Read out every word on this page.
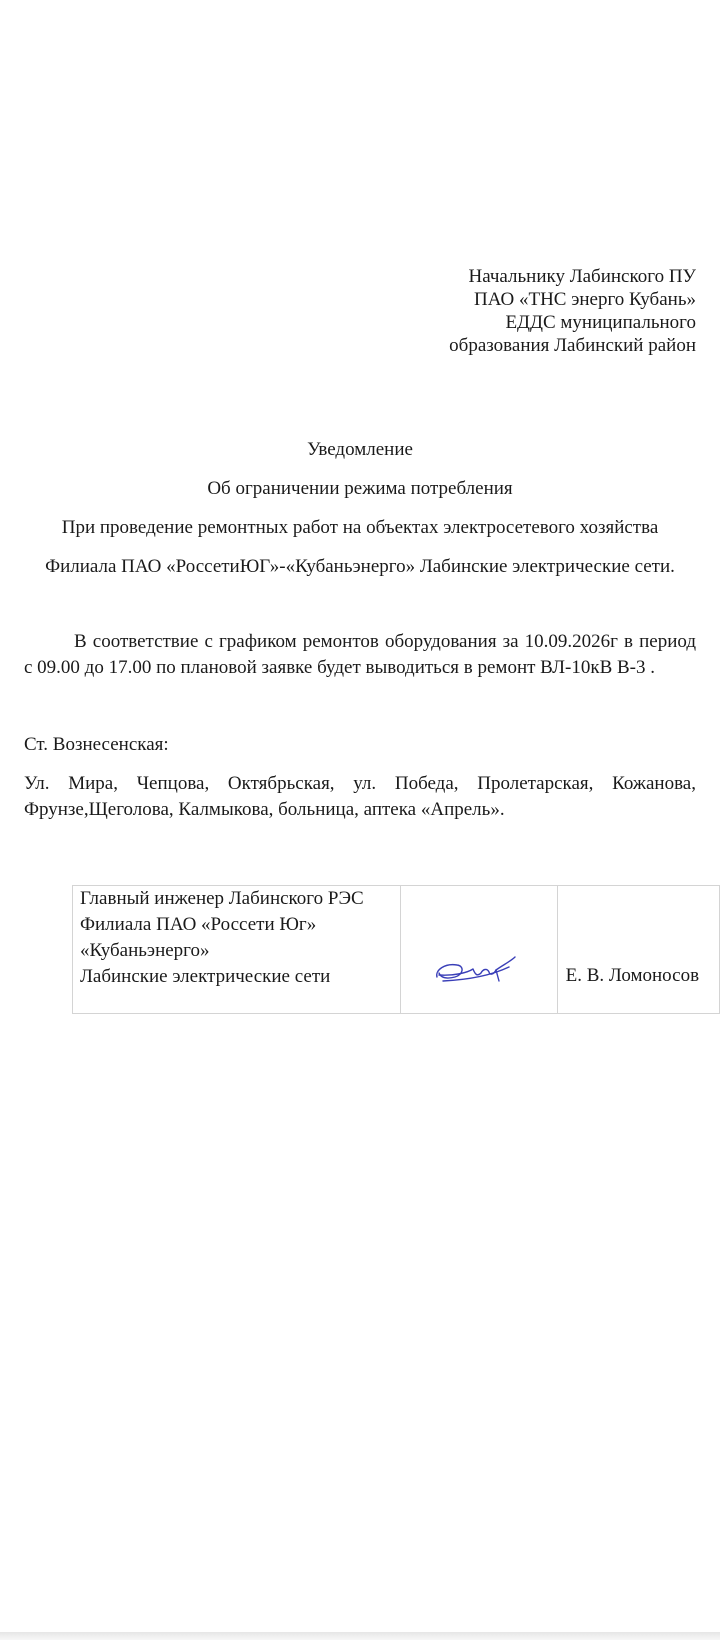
Начальнику Лабинского ПУ
ПАО «ТНС энерго Кубань»
ЕДДС муниципального
образования Лабинский район
Уведомление
Об ограничении режима потребления
При проведение ремонтных работ на объектах электросетевого хозяйства
Филиала ПАО «РоссетиЮГ»-«Кубаньэнерго» Лабинские электрические сети.
В соответствие с графиком ремонтов оборудования за 10.09.2026г в период с 09.00 до 17.00 по плановой заявке будет выводиться в ремонт ВЛ-10кВ В-3 .
Ст. Вознесенская:
Ул. Мира, Чепцова, Октябрьская, ул. Победа, Пролетарская, Кожанова, Фрунзе,Щеголова, Калмыкова, больница, аптека «Апрель».
Главный инженер Лабинского РЭС
Филиала ПАО «Россети Юг»
«Кубаньэнерго»
Лабинские электрические сети		Е. В. Ломоносов
